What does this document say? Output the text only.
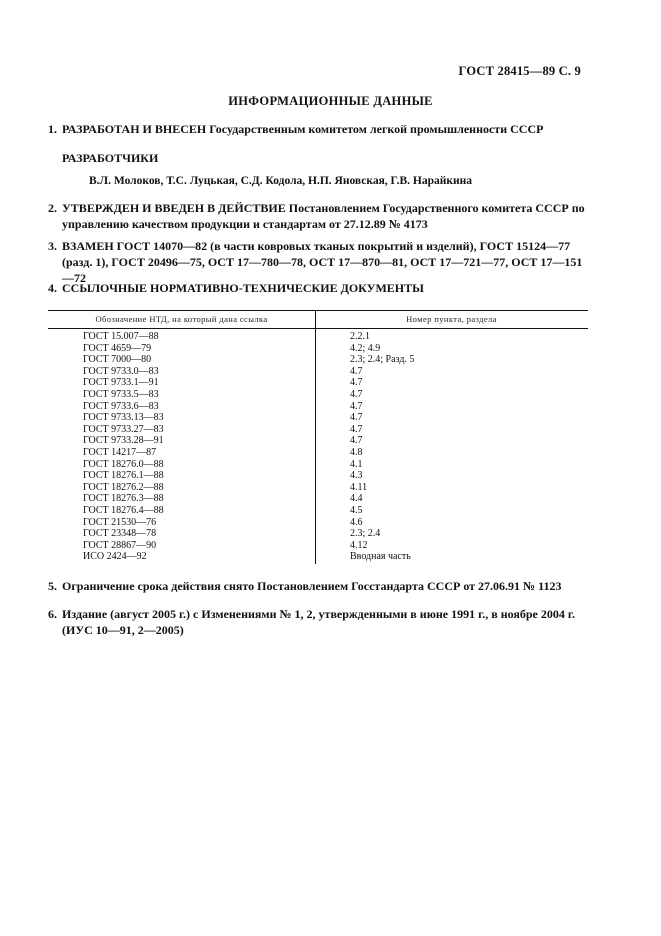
ГОСТ 28415—89 С. 9
ИНФОРМАЦИОННЫЕ ДАННЫЕ
1. РАЗРАБОТАН И ВНЕСЕН Государственным комитетом легкой промышленности СССР
РАЗРАБОТЧИКИ
В.Л. Молоков, Т.С. Луцькая, С.Д. Кодола, Н.П. Яновская, Г.В. Нарайкина
2. УТВЕРЖДЕН И ВВЕДЕН В ДЕЙСТВИЕ Постановлением Государственного комитета СССР по управлению качеством продукции и стандартам от 27.12.89 № 4173
3. ВЗАМЕН ГОСТ 14070—82 (в части ковровых тканых покрытий и изделий), ГОСТ 15124—77 (разд. 1), ГОСТ 20496—75, ОСТ 17—780—78, ОСТ 17—870—81, ОСТ 17—721—77, ОСТ 17—151—72
4. ССЫЛОЧНЫЕ НОРМАТИВНО-ТЕХНИЧЕСКИЕ ДОКУМЕНТЫ
Обозначение НТД, на который дана ссылка	Номер пункта, раздела
ГОСТ 15.007—88	2.2.1
ГОСТ 4659—79	4.2; 4.9
ГОСТ 7000—80	2.3; 2.4; Разд. 5
ГОСТ 9733.0—83	4.7
ГОСТ 9733.1—91	4.7
ГОСТ 9733.5—83	4.7
ГОСТ 9733.6—83	4.7
ГОСТ 9733.13—83	4.7
ГОСТ 9733.27—83	4.7
ГОСТ 9733.28—91	4.7
ГОСТ 14217—87	4.8
ГОСТ 18276.0—88	4.1
ГОСТ 18276.1—88	4.3
ГОСТ 18276.2—88	4.11
ГОСТ 18276.3—88	4.4
ГОСТ 18276.4—88	4.5
ГОСТ 21530—76	4.6
ГОСТ 23348—78	2.3; 2.4
ГОСТ 28867—90	4.12
ИСО 2424—92	Вводная часть
5. Ограничение срока действия снято Постановлением Госстандарта СССР от 27.06.91 № 1123
6. Издание (август 2005 г.) с Изменениями № 1, 2, утвержденными в июне 1991 г., в ноябре 2004 г. (ИУС 10—91, 2—2005)
